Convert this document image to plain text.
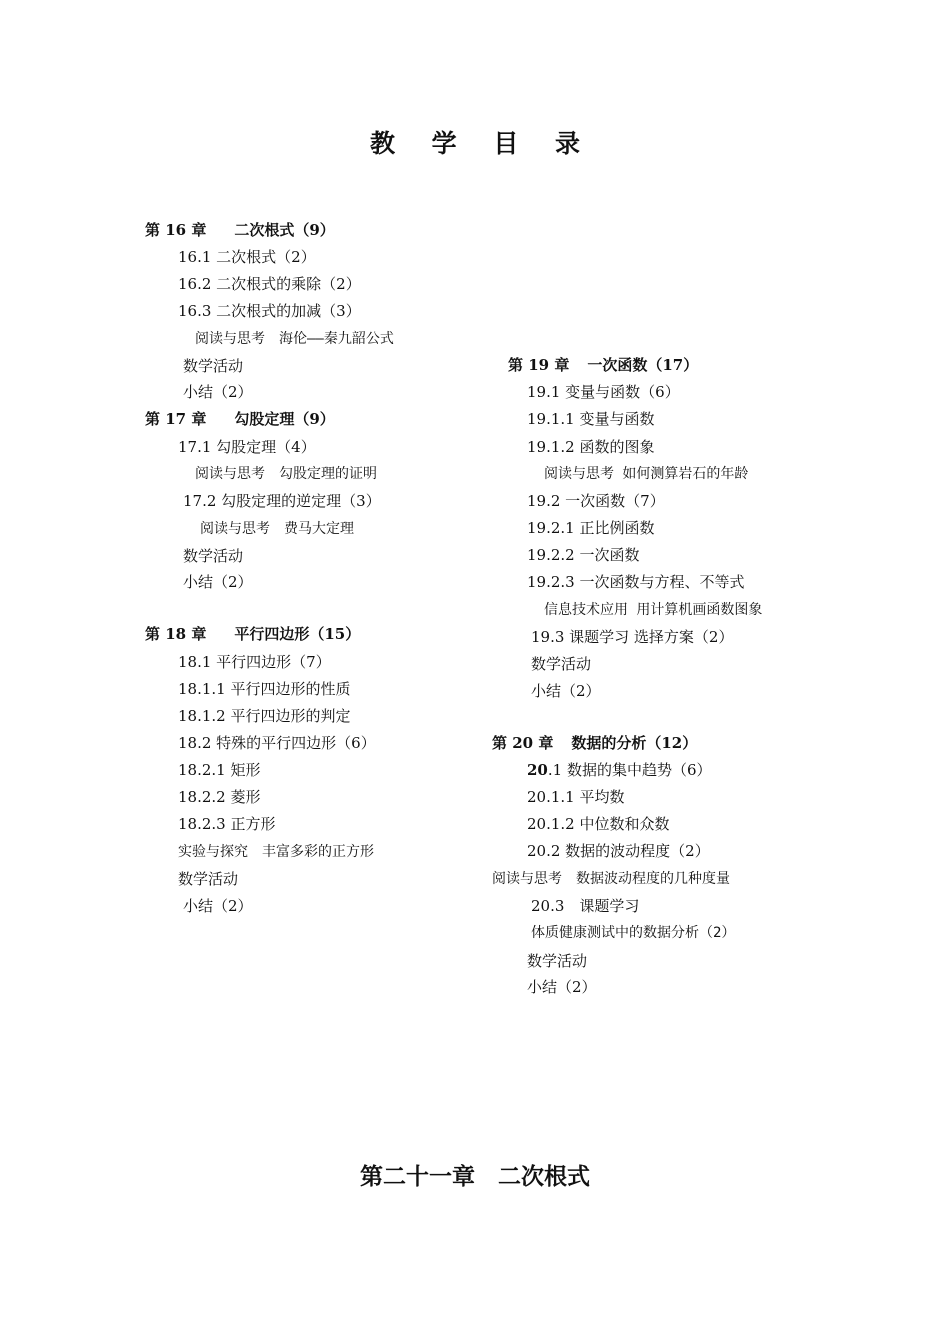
教 学 目 录
第 16 章 二次根式（9）
16.1 二次根式（2）
16.2 二次根式的乘除（2）
16.3 二次根式的加减（3）
阅读与思考　海伦——秦九韶公式
数学活动
小结（2）
第 17 章 勾股定理（9）
17.1 勾股定理（4）
阅读与思考　勾股定理的证明
17.2 勾股定理的逆定理（3）
阅读与思考　费马大定理
数学活动
小结（2）
第 18 章 平行四边形（15）
18.1 平行四边形（7）
18.1.1 平行四边形的性质
18.1.2 平行四边形的判定
18.2 特殊的平行四边形（6）
18.2.1 矩形
18.2.2 菱形
18.2.3 正方形
实验与探究　丰富多彩的正方形
数学活动
小结（2）
第 19 章 一次函数（17）
19.1 变量与函数（6）
19.1.1 变量与函数
19.1.2 函数的图象
阅读与思考 如何测算岩石的年龄
19.2 一次函数（7）
19.2.1 正比例函数
19.2.2 一次函数
19.2.3 一次函数与方程、不等式
信息技术应用 用计算机画函数图象
19.3 课题学习 选择方案（2）
数学活动
小结（2）
第 20 章 数据的分析（12）
20.1 数据的集中趋势（6）
20.1.1 平均数
20.1.2 中位数和众数
20.2 数据的波动程度（2）
阅读与思考　数据波动程度的几种度量
20.3　课题学习
体质健康测试中的数据分析（2）
数学活动
小结（2）
第二十一章　二次根式
